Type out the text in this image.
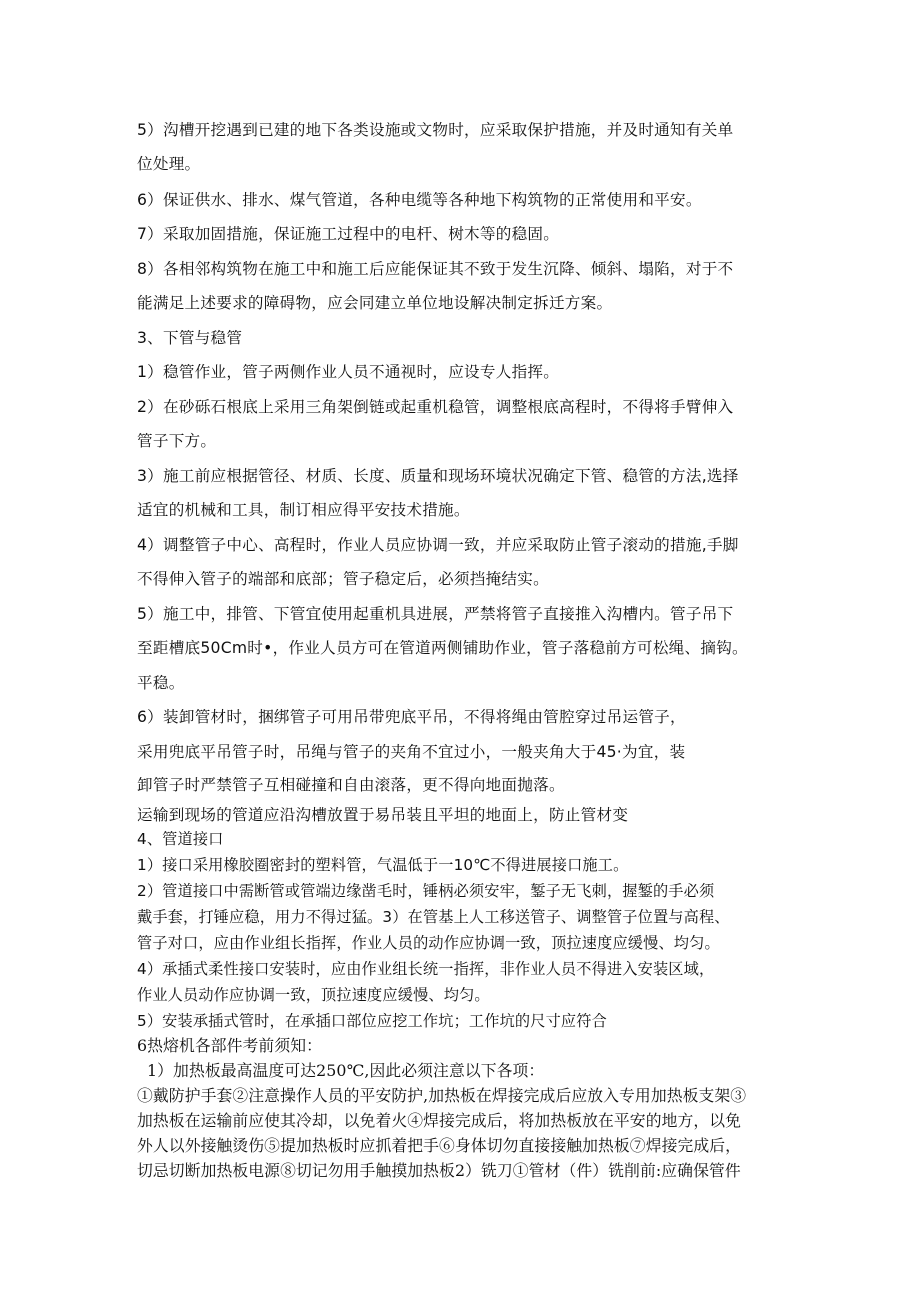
5）沟槽开挖遇到已建的地下各类设施或文物时，应采取保护措施，并及时通知有关单
位处理。
6）保证供水、排水、煤气管道，各种电缆等各种地下构筑物的正常使用和平安。
7）采取加固措施，保证施工过程中的电杆、树木等的稳固。
8）各相邻构筑物在施工中和施工后应能保证其不致于发生沉降、倾斜、塌陷，对于不
能满足上述要求的障碍物，应会同建立单位地设解决制定拆迁方案。
3、下管与稳管
1）稳管作业，管子两侧作业人员不通视时，应设专人指挥。
2）在砂砾石根底上采用三角架倒链或起重机稳管，调整根底高程时，不得将手臂伸入
管子下方。
3）施工前应根据管径、材质、长度、质量和现场环境状况确定下管、稳管的方法,选择
适宜的机械和工具，制订相应得平安技术措施。
4）调整管子中心、高程时，作业人员应协调一致，并应采取防止管子滚动的措施,手脚
不得伸入管子的端部和底部；管子稳定后，必须挡掩结实。
5）施工中，排管、下管宜使用起重机具进展，严禁将管子直接推入沟槽内。管子吊下
至距槽底50Cm时•，作业人员方可在管道两侧铺助作业，管子落稳前方可松绳、摘钩。
平稳。
6）装卸管材时，捆绑管子可用吊带兜底平吊，不得将绳由管腔穿过吊运管子，
采用兜底平吊管子时，吊绳与管子的夹角不宜过小，一般夹角大于45·为宜，装
卸管子时严禁管子互相碰撞和自由滚落，更不得向地面抛落。
运输到现场的管道应沿沟槽放置于易吊装且平坦的地面上，防止管材变
4、管道接口
1）接口采用橡胶圈密封的塑料管，气温低于一10℃不得进展接口施工。
2）管道接口中需断管或管端边缘凿毛时，锤柄必须安牢，錾子无飞刺，握錾的手必须
戴手套，打锤应稳，用力不得过猛。3）在管基上人工移送管子、调整管子位置与高程、
管子对口，应由作业组长指挥，作业人员的动作应协调一致，顶拉速度应缓慢、均匀。
4）承插式柔性接口安装时，应由作业组长统一指挥，非作业人员不得进入安装区域，
作业人员动作应协调一致，顶拉速度应缓慢、均匀。
5）安装承插式管时，在承插口部位应挖工作坑；工作坑的尺寸应符合
6热熔机各部件考前须知：
1）加热板最高温度可达250℃,因此必须注意以下各项：
①戴防护手套②注意操作人员的平安防护,加热板在焊接完成后应放入专用加热板支架③
加热板在运输前应使其冷却，以免着火④焊接完成后，将加热板放在平安的地方，以免
外人以外接触烫伤⑤提加热板时应抓着把手⑥身体切勿直接接触加热板⑦焊接完成后，
切忌切断加热板电源⑧切记勿用手触摸加热板2）铣刀①管材（件）铣削前:应确保管件
